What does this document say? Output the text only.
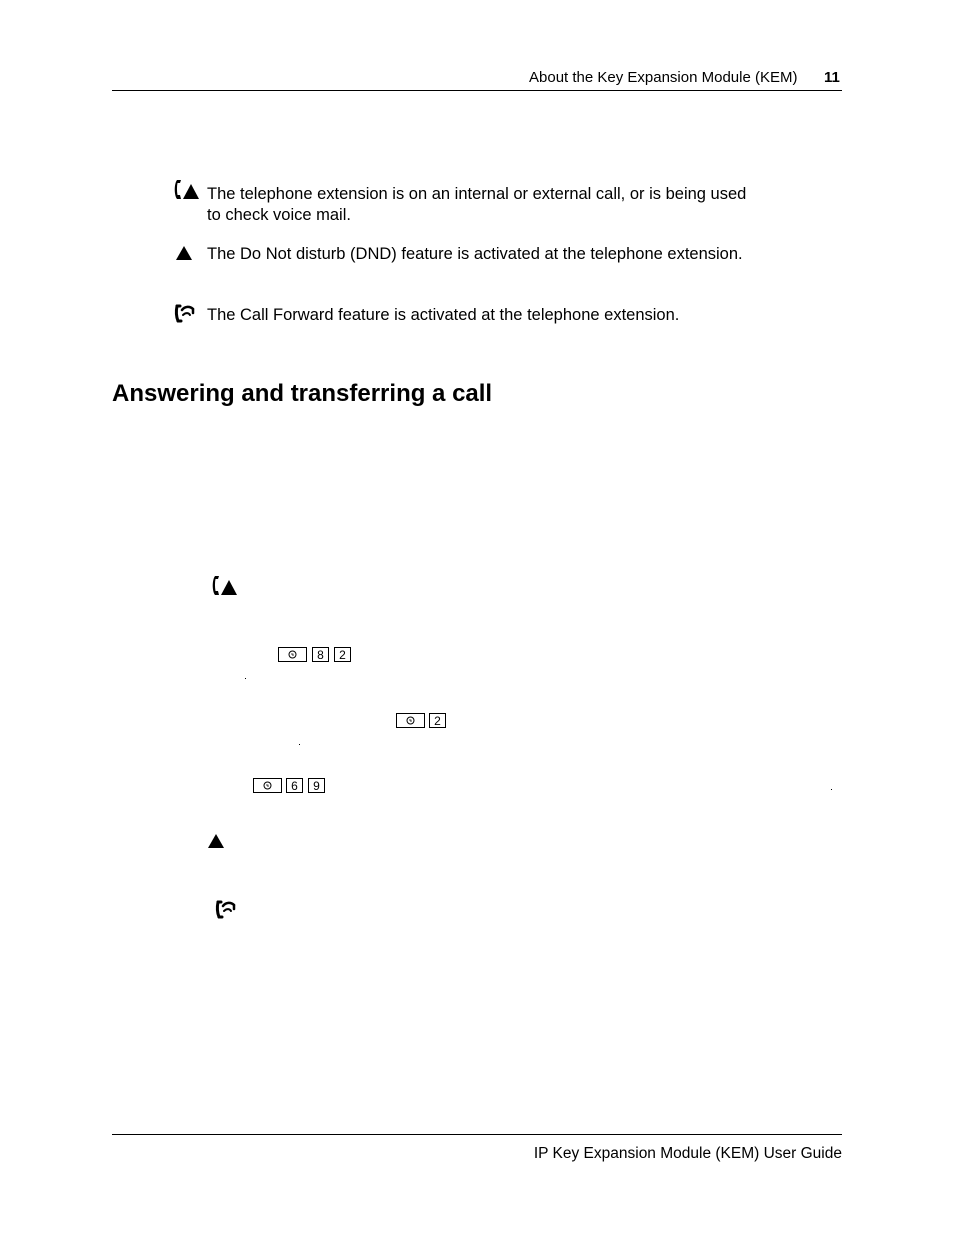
About the Key Expansion Module (KEM) 11
The telephone extension is on an internal or external call, or is being used to check voice mail.
The Do Not disturb (DND) feature is activated at the telephone extension.
The Call Forward feature is activated at the telephone extension.
Answering and transferring a call
8	2
2
6	9
IP Key Expansion Module (KEM) User Guide
